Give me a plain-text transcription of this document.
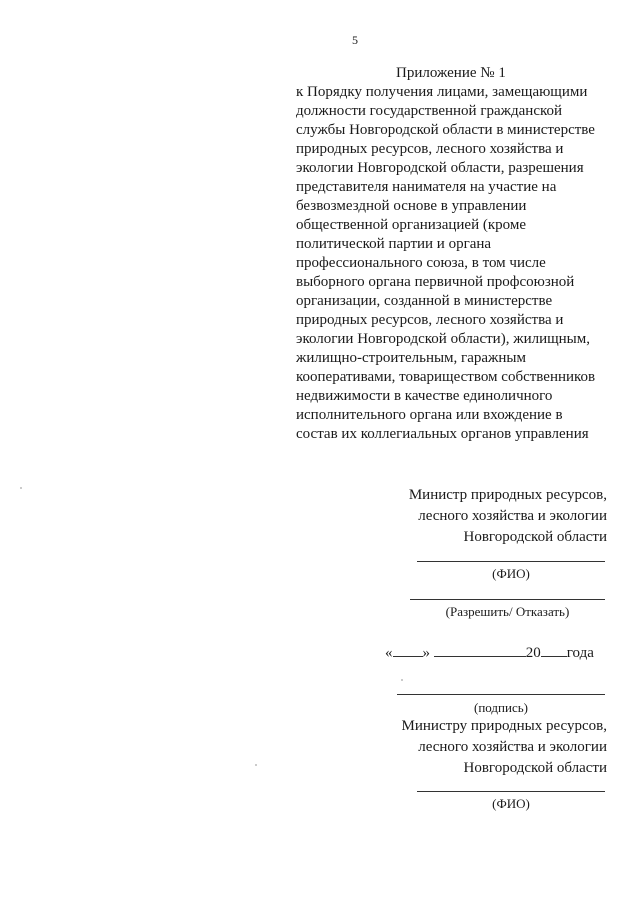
5
Приложение № 1
к Порядку получения лицами, замещающими
должности государственной гражданской
службы Новгородской области в министерстве
природных ресурсов, лесного хозяйства и
экологии Новгородской области, разрешения
представителя нанимателя на участие на
безвозмездной основе в управлении
общественной организацией (кроме
политической партии и органа
профессионального союза, в том числе
выборного органа первичной профсоюзной
организации, созданной в министерстве
природных ресурсов, лесного хозяйства и
экологии Новгородской области), жилищным,
жилищно-строительным, гаражным
кооперативами, товариществом собственников
недвижимости в качестве единоличного
исполнительного органа или вхождение в
состав их коллегиальных органов управления
Министр природных ресурсов,
лесного хозяйства и экологии
Новгородской области
(ФИО)
(Разрешить/ Отказать)
« »	20 года
(подпись)
Министру природных ресурсов,
лесного хозяйства и экологии
Новгородской области
(ФИО)
